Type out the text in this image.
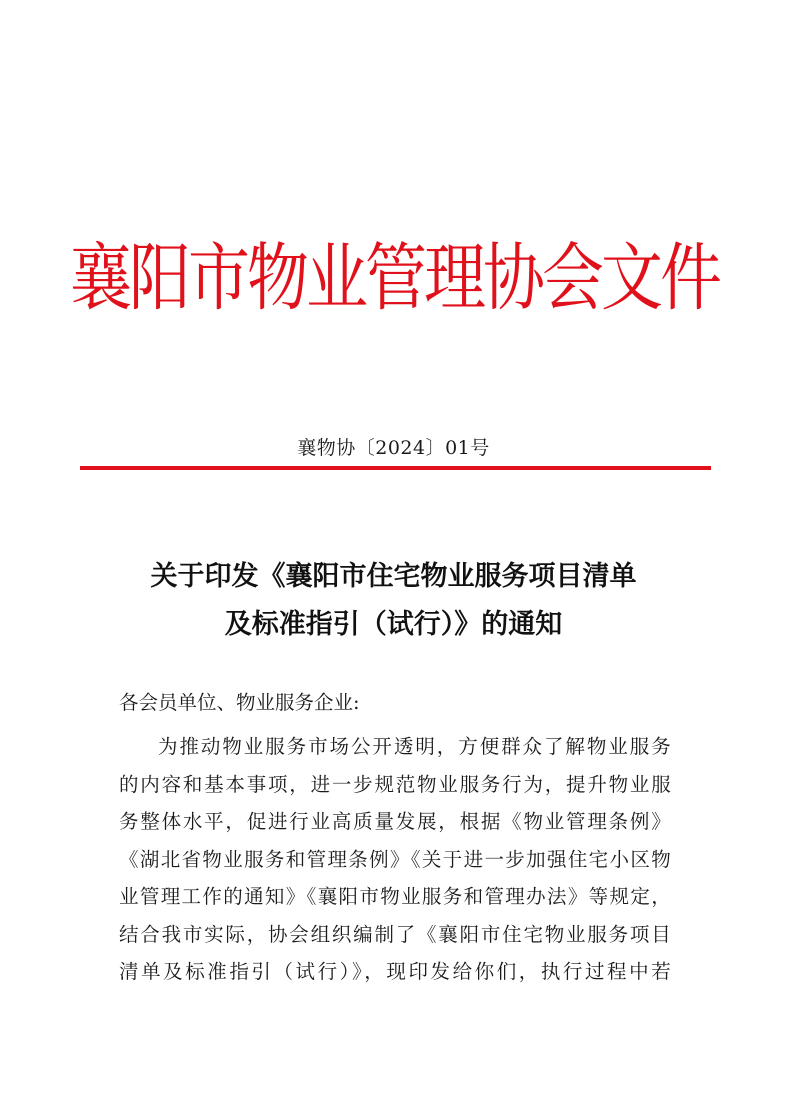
襄阳市物业管理协会文件
襄物协〔2024〕01号
关于印发《襄阳市住宅物业服务项目清单
及标准指引（试行）》的通知
各会员单位、物业服务企业:
为推动物业服务市场公开透明，方便群众了解物业服务
的内容和基本事项，进一步规范物业服务行为，提升物业服
务整体水平，促进行业高质量发展，根据《物业管理条例》
《湖北省物业服务和管理条例》《关于进一步加强住宅小区物
业管理工作的通知》《襄阳市物业服务和管理办法》等规定，
结合我市实际，协会组织编制了《襄阳市住宅物业服务项目
清单及标准指引（试行）》，现印发给你们，执行过程中若
